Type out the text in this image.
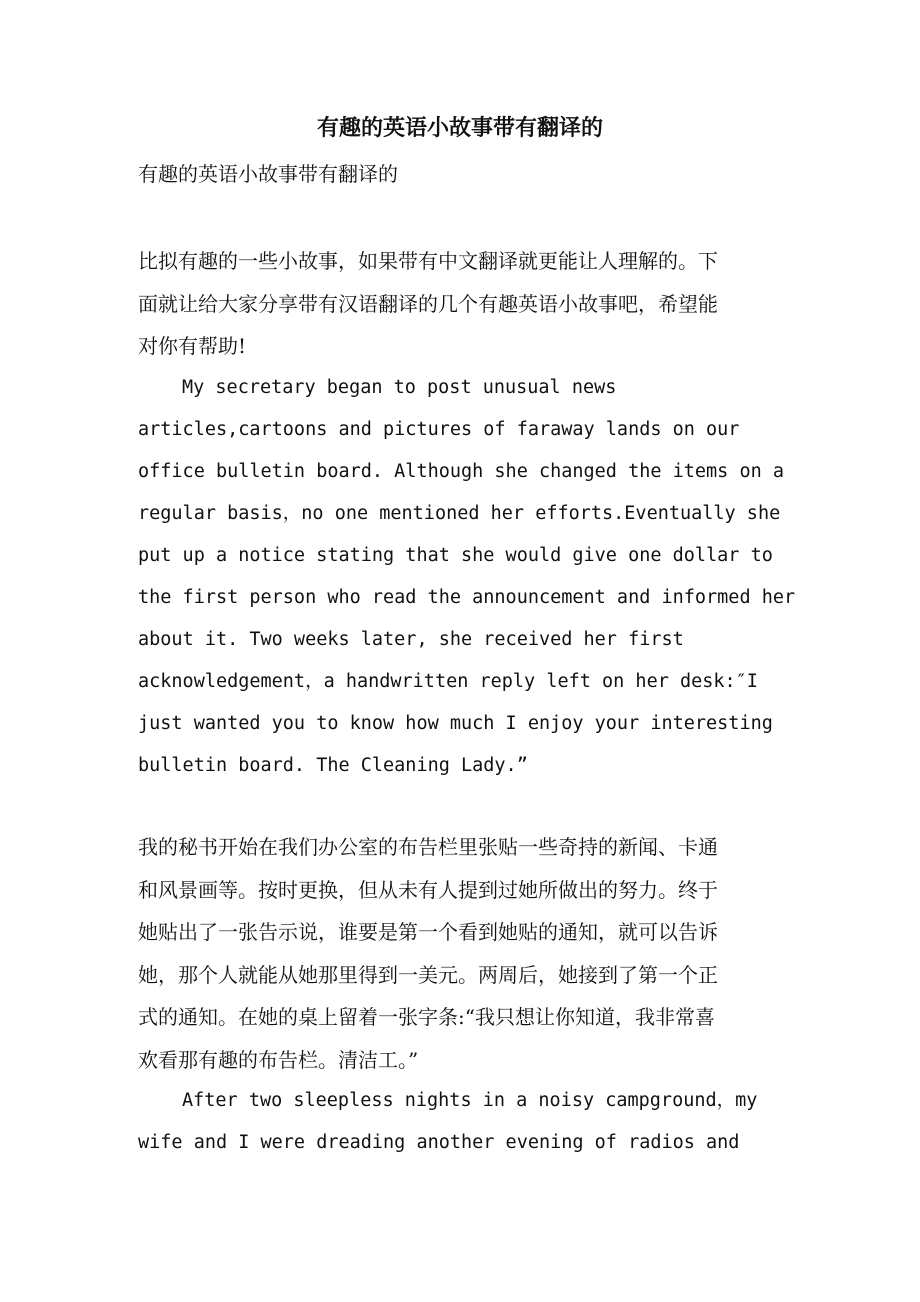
有趣的英语小故事带有翻译的
有趣的英语小故事带有翻译的
比拟有趣的一些小故事，如果带有中文翻译就更能让人理解的。下
面就让给大家分享带有汉语翻译的几个有趣英语小故事吧，希望能
对你有帮助!
My secretary began to post unusual news
articles,cartoons and pictures of faraway lands on our
office bulletin board. Although she changed the items on a
regular basis，no one mentioned her efforts.Eventually she
put up a notice stating that she would give one dollar to
the first person who read the announcement and informed her
about it. Two weeks later, she received her first
acknowledgement，a handwritten reply left on her desk:″I
just wanted you to know how much I enjoy your interesting
bulletin board. The Cleaning Lady.”
我的秘书开始在我们办公室的布告栏里张贴一些奇持的新闻、卡通
和风景画等。按时更换，但从未有人提到过她所做出的努力。终于
她贴出了一张告示说，谁要是第一个看到她贴的通知，就可以告诉
她，那个人就能从她那里得到一美元。两周后，她接到了第一个正
式的通知。在她的桌上留着一张字条:“我只想让你知道，我非常喜
欢看那有趣的布告栏。清洁工。”
After two sleepless nights in a noisy campground，my
wife and I were dreading another evening of radios and
